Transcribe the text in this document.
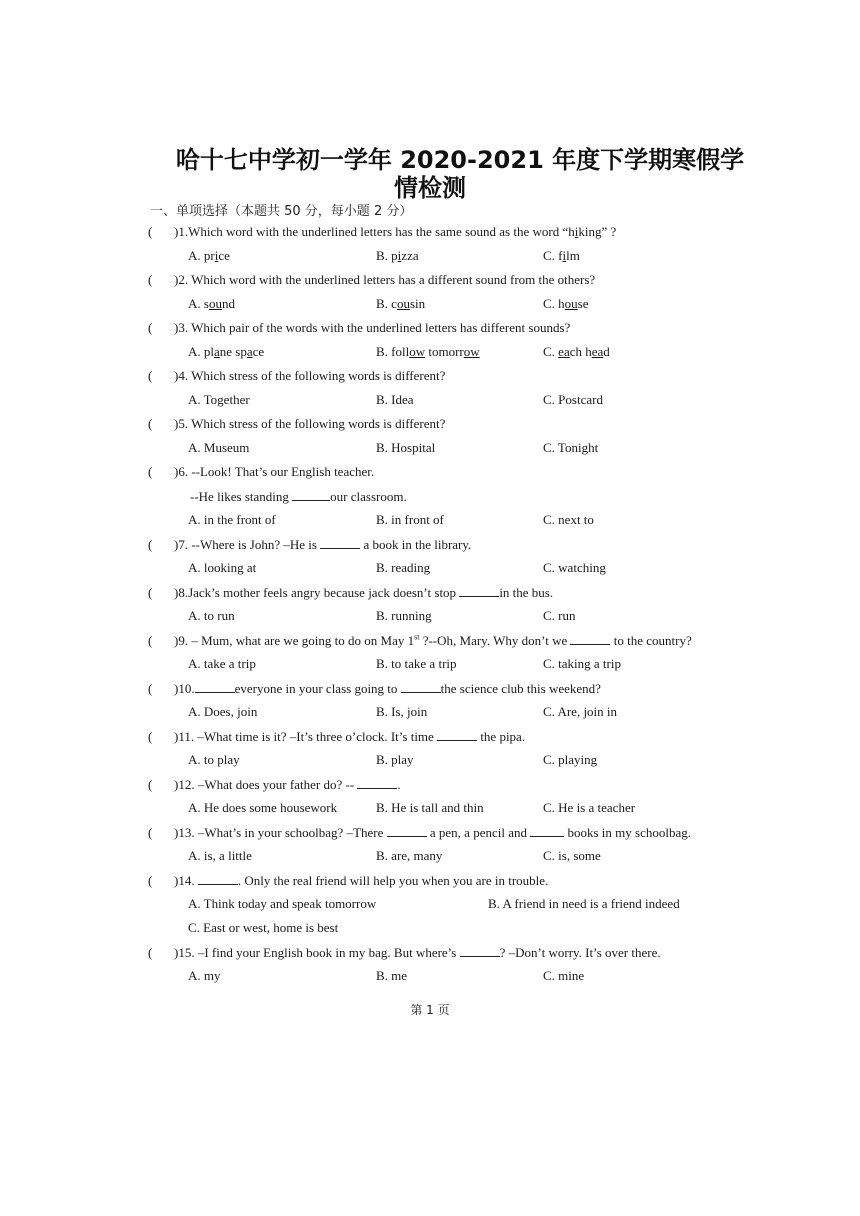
哈十七中学初一学年 2020-2021 年度下学期寒假学
情检测
一、单项选择（本题共 50 分，每小题 2 分）
( )1.Which word with the underlined letters has the same sound as the word “hiking” ?
A. price	B. pizza	C. film
( )2. Which word with the underlined letters has a different sound from the others?
A. sound	B. cousin	C. house
( )3. Which pair of the words with the underlined letters has different sounds?
A. plane space	B. follow tomorrow	C. each head
( )4. Which stress of the following words is different?
A. Together	B. Idea	C. Postcard
( )5. Which stress of the following words is different?
A. Museum	B. Hospital	C. Tonight
( )6. --Look! That’s our English teacher.
--He likes standing	our classroom.
A. in the front of	B. in front of	C. next to
( )7. --Where is John? –He is	a book in the library.
A. looking at	B. reading	C. watching
( )8.Jack’s mother feels angry because jack doesn’t stop	in the bus.
A. to run	B. running	C. run
( )9. – Mum, what are we going to do on May 1st ?--Oh, Mary. Why don’t we	to the country?
A. take a trip	B. to take a trip	C. taking a trip
( )10.	everyone in your class going to	the science club this weekend?
A. Does, join	B. Is, join	C. Are, join in
( )11. –What time is it? –It’s three o’clock. It’s time	the pipa.
A. to play	B. play	C. playing
( )12. –What does your father do? --	.
A. He does some housework	B. He is tall and thin	C. He is a teacher
( )13. –What’s in your schoolbag? –There	a pen, a pencil and	books in my schoolbag.
A. is, a little	B. are, many	C. is, some
( )14.	. Only the real friend will help you when you are in trouble.
A. Think today and speak tomorrow	B. A friend in need is a friend indeed
C. East or west, home is best
( )15. –I find your English book in my bag. But where’s	? –Don’t worry. It’s over there.
A. my	B. me	C. mine
第 1 页
